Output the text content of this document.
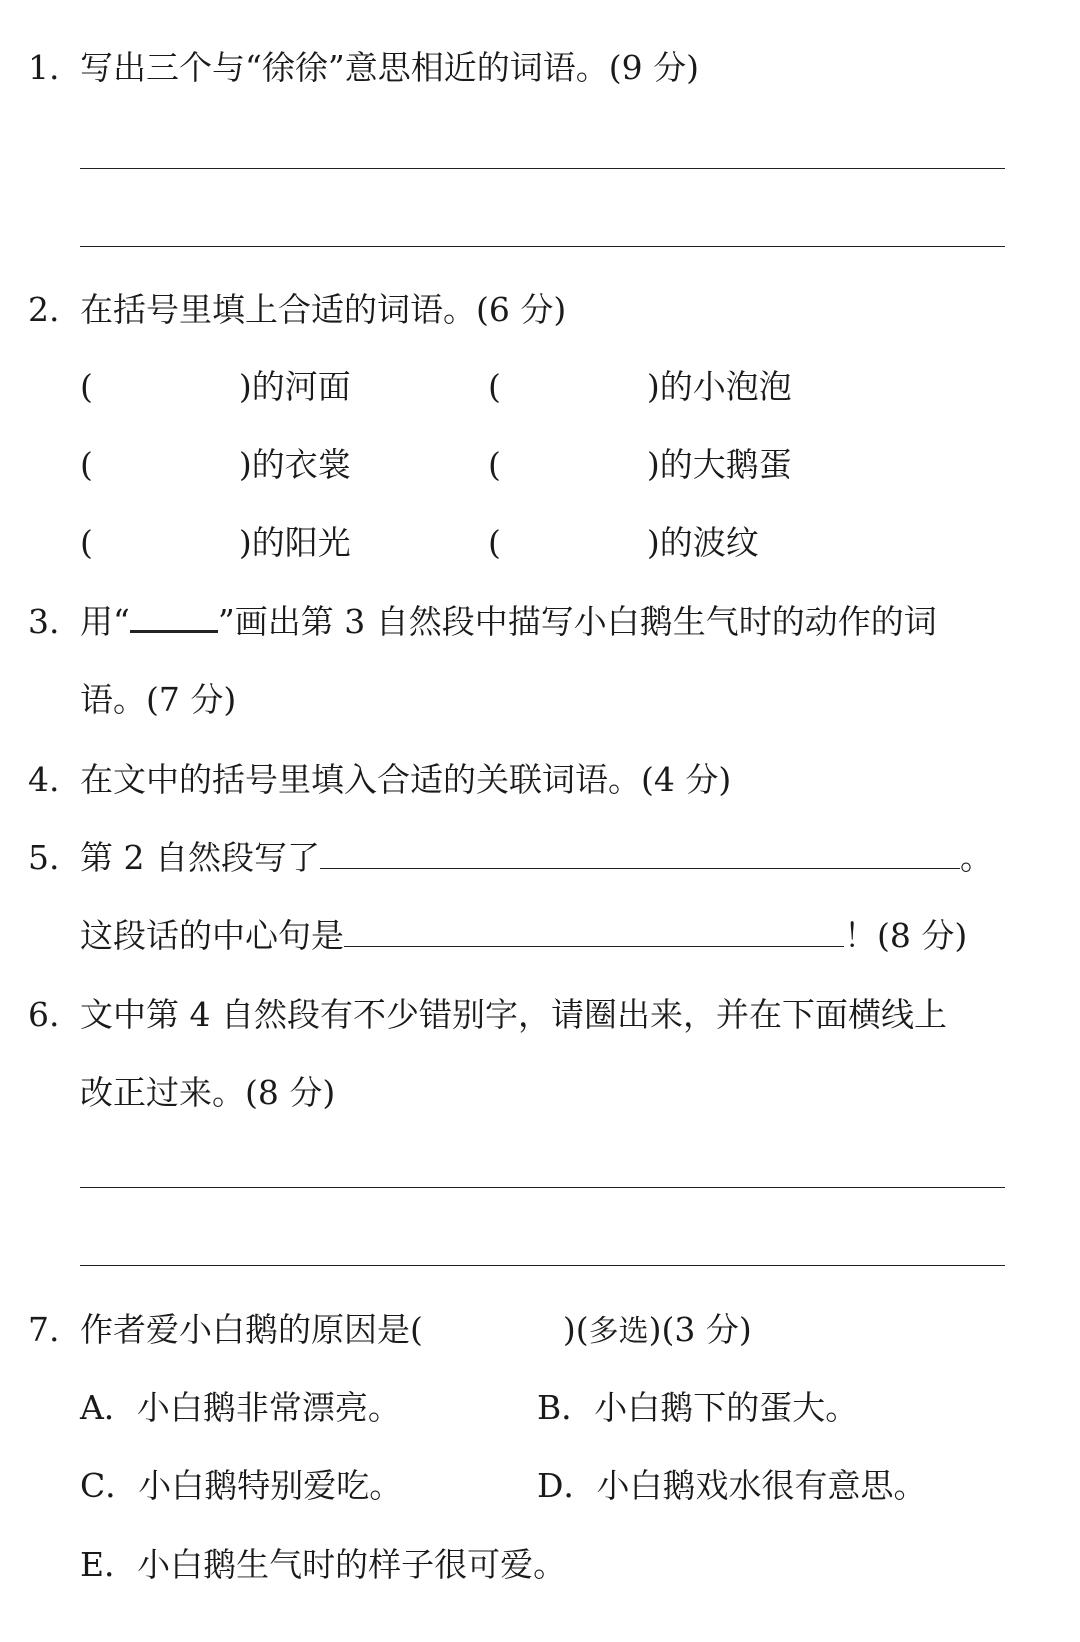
1. 写出三个与“徐徐”意思相近的词语。(9 分)
2. 在括号里填上合适的词语。(6 分)
(	)的河面	(	)的小泡泡
(	)的衣裳	(	)的大鹅蛋
(	)的阳光	(	)的波纹
3. 用“	”画出第 3 自然段中描写小白鹅生气时的动作的词
语。(7 分)
4. 在文中的括号里填入合适的关联词语。(4 分)
5. 第 2 自然段写了	。
这段话的中心句是	！(8 分)
6. 文中第 4 自然段有不少错别字，请圈出来，并在下面横线上
改正过来。(8 分)
7. 作者爱小白鹅的原因是(	)(多选)(3 分)
A．小白鹅非常漂亮。	B．小白鹅下的蛋大。
C．小白鹅特别爱吃。	D．小白鹅戏水很有意思。
E．小白鹅生气时的样子很可爱。
